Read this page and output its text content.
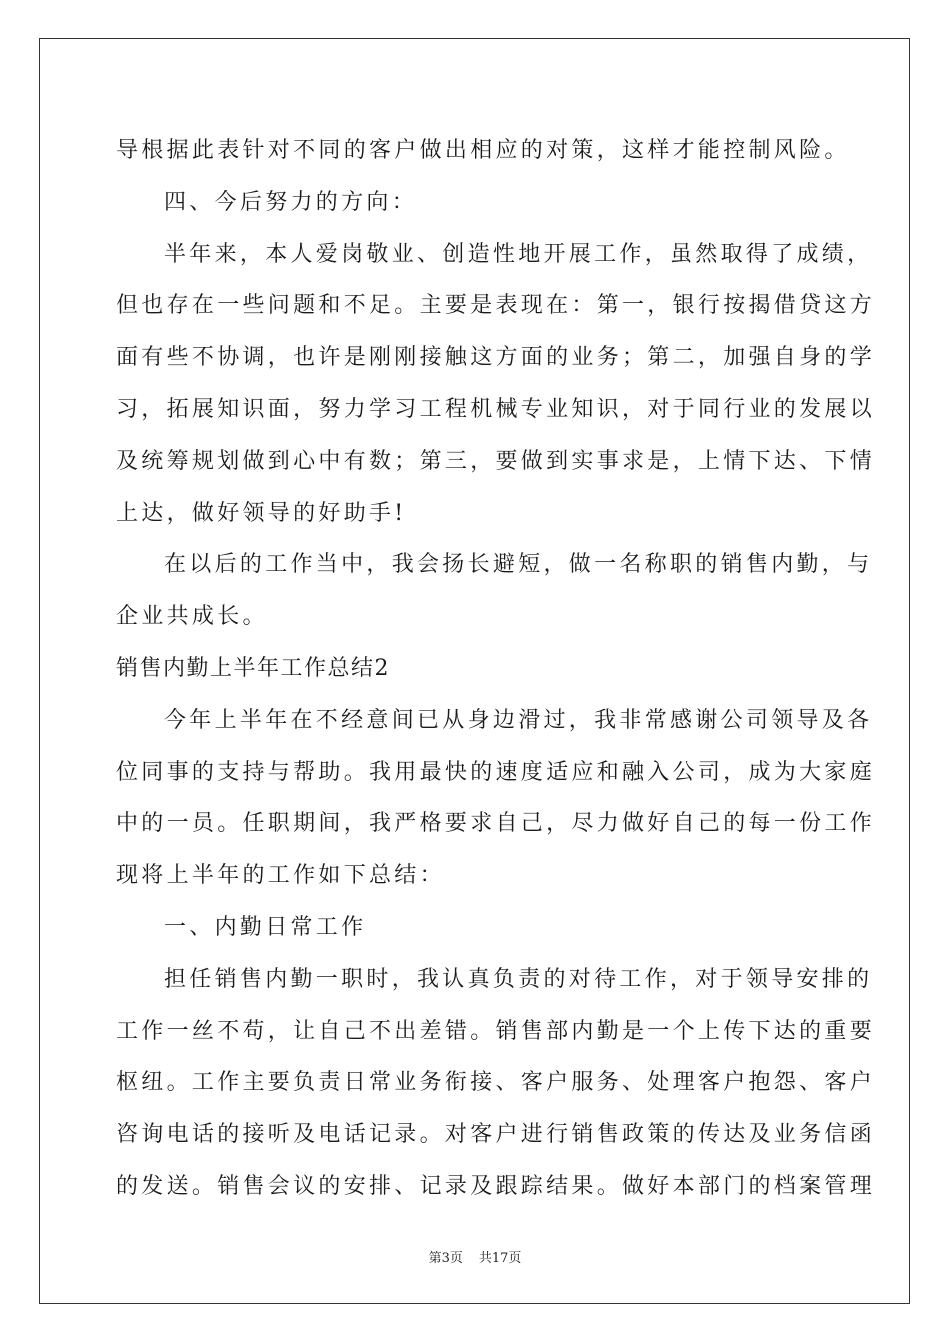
导根据此表针对不同的客户做出相应的对策，这样才能控制风险。
四、今后努力的方向：
半年来，本人爱岗敬业、创造性地开展工作，虽然取得了成绩，
但也存在一些问题和不足。主要是表现在：第一，银行按揭借贷这方
面有些不协调，也许是刚刚接触这方面的业务；第二，加强自身的学
习，拓展知识面，努力学习工程机械专业知识，对于同行业的发展以
及统筹规划做到心中有数；第三，要做到实事求是，上情下达、下情
上达，做好领导的好助手!
在以后的工作当中，我会扬长避短，做一名称职的销售内勤，与
企业共成长。
销售内勤上半年工作总结2
今年上半年在不经意间已从身边滑过，我非常感谢公司领导及各
位同事的支持与帮助。我用最快的速度适应和融入公司，成为大家庭
中的一员。任职期间，我严格要求自己，尽力做好自己的每一份工作
现将上半年的工作如下总结：
一、内勤日常工作
担任销售内勤一职时，我认真负责的对待工作，对于领导安排的
工作一丝不苟，让自己不出差错。销售部内勤是一个上传下达的重要
枢纽。工作主要负责日常业务衔接、客户服务、处理客户抱怨、客户
咨询电话的接听及电话记录。对客户进行销售政策的传达及业务信函
的发送。销售会议的安排、记录及跟踪结果。做好本部门的档案管理
第3页 共17页
